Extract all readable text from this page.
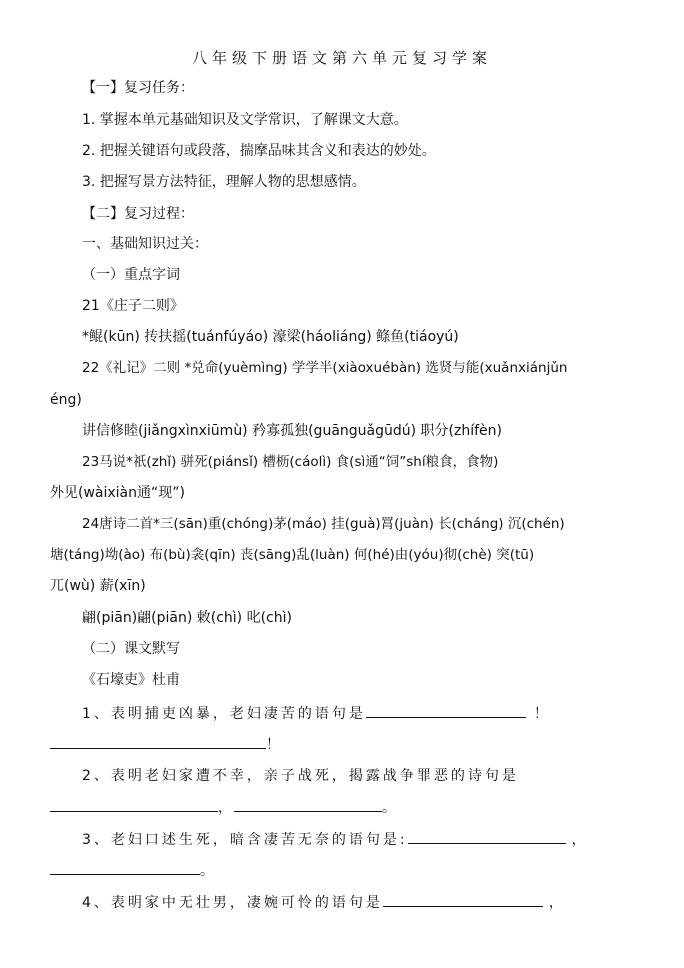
八年级下册语文第六单元复习学案
【一】复习任务：
1. 掌握本单元基础知识及文学常识，了解课文大意。
2. 把握关键语句或段落，揣摩品味其含义和表达的妙处。
3. 把握写景方法特征，理解人物的思想感情。
【二】复习过程：
一、基础知识过关：
（一）重点字词
21《庄子二则》
*鲲(kūn) 抟扶摇(tuánfúyáo) 濠梁(háoliáng) 鲦鱼(tiáoyú)
22《礼记》二则 *兑命(yuèmìng) 学学半(xiàoxuébàn) 选贤与能(xuǎnxiánjǔn
éng)
讲信修睦(jiǎngxìnxiūmù) 矜寡孤独(guānguǎgūdú) 职分(zhífèn)
23马说*祇(zhǐ) 骈死(piánsǐ) 槽枥(cáolì) 食(sì通“饲”shí粮食，食物)
外见(wàixiàn通“现”)
24唐诗二首*三(sān)重(chóng)茅(máo) 挂(guà)罥(juàn) 长(cháng) 沉(chén)
塘(táng)坳(ào) 布(bù)衾(qīn) 丧(sāng)乱(luàn) 何(hé)由(yóu)彻(chè) 突(tū)
兀(wù) 薪(xīn)
翩(piān)翩(piān) 敕(chì) 叱(chì)
（二）课文默写
《石壕吏》杜甫
1、表明捕吏凶暴，老妇凄苦的语句是	！
！
2、表明老妇家遭不幸，亲子战死，揭露战争罪恶的诗句是
，	。
3、老妇口述生死，暗含凄苦无奈的语句是:	，
。
4、表明家中无壮男，凄婉可怜的语句是	，
